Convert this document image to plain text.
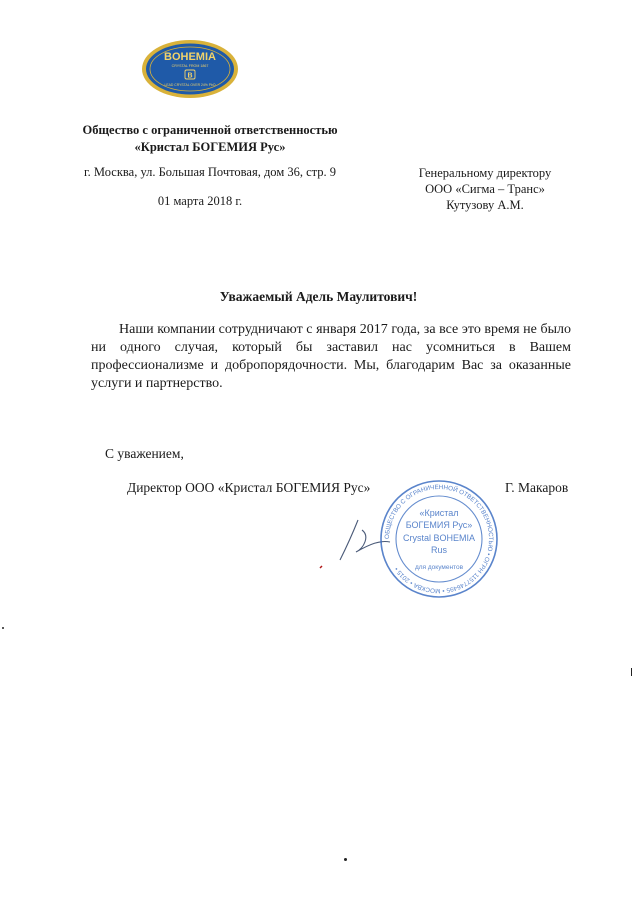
BOHEMIA
CRYSTAL FROM 1867
B
LEAD CRYSTAL OVER 24% PbO
Общество с ограниченной ответственностью
«Кристал БОГЕМИЯ Рус»
г. Москва, ул. Большая Почтовая, дом 36, стр. 9
01 марта 2018 г.
Генеральному директору
ООО «Сигма – Транс»
Кутузову А.М.
Уважаемый Адель Маулитович!

Наши компании сотрудничают с января 2017 года, за все это время не было ни одного случая, который бы заставил нас усомниться в Вашем профессионализме и добропорядочности. Мы, благодарим Вас за оказанные услуги и партнерство.

С уважением,
Директор ООО «Кристал БОГЕМИЯ Рус»	Г. Макаров
ОБЩЕСТВО С ОГРАНИЧЕННОЙ ОТВЕТСТВЕННОСТЬЮ • ОГРН 1157746495 • МОСКВА • 2015 •
«Кристал
БОГЕМИЯ Рус»
Crystal BOHEMIA
Rus
для документов
